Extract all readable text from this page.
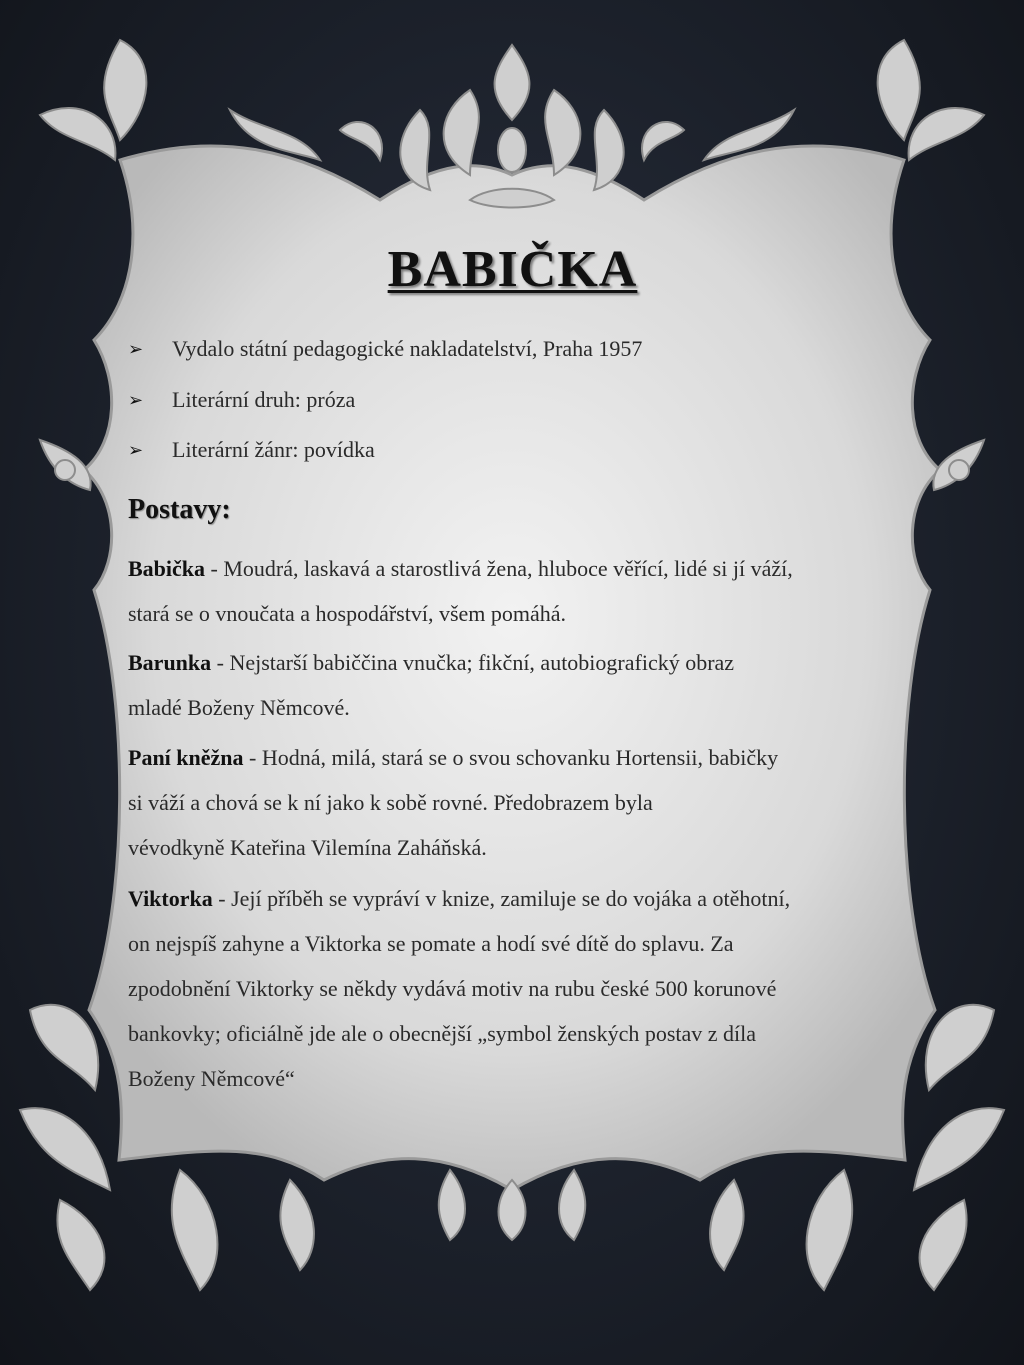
BABIČKA
➢	Vydalo státní pedagogické nakladatelství, Praha 1957
➢	Literární druh: próza
➢	Literární žánr: povídka
Postavy:
Babička - Moudrá, laskavá a starostlivá žena, hluboce věřící, lidé si jí váží,
stará se o vnoučata a hospodářství, všem pomáhá.
Barunka - Nejstarší babiččina vnučka; fikční, autobiografický obraz
mladé Boženy Němcové.
Paní kněžna - Hodná, milá, stará se o svou schovanku Hortensii, babičky
si váží a chová se k ní jako k sobě rovné. Předobrazem byla
vévodkyně Kateřina Vilemína Zaháňská.
Viktorka - Její příběh se vypráví v knize, zamiluje se do vojáka a otěhotní,
on nejspíš zahyne a Viktorka se pomate a hodí své dítě do splavu. Za
zpodobnění Viktorky se někdy vydává motiv na rubu české 500 korunové
bankovky; oficiálně jde ale o obecnější „symbol ženských postav z díla
Boženy Němcové“
